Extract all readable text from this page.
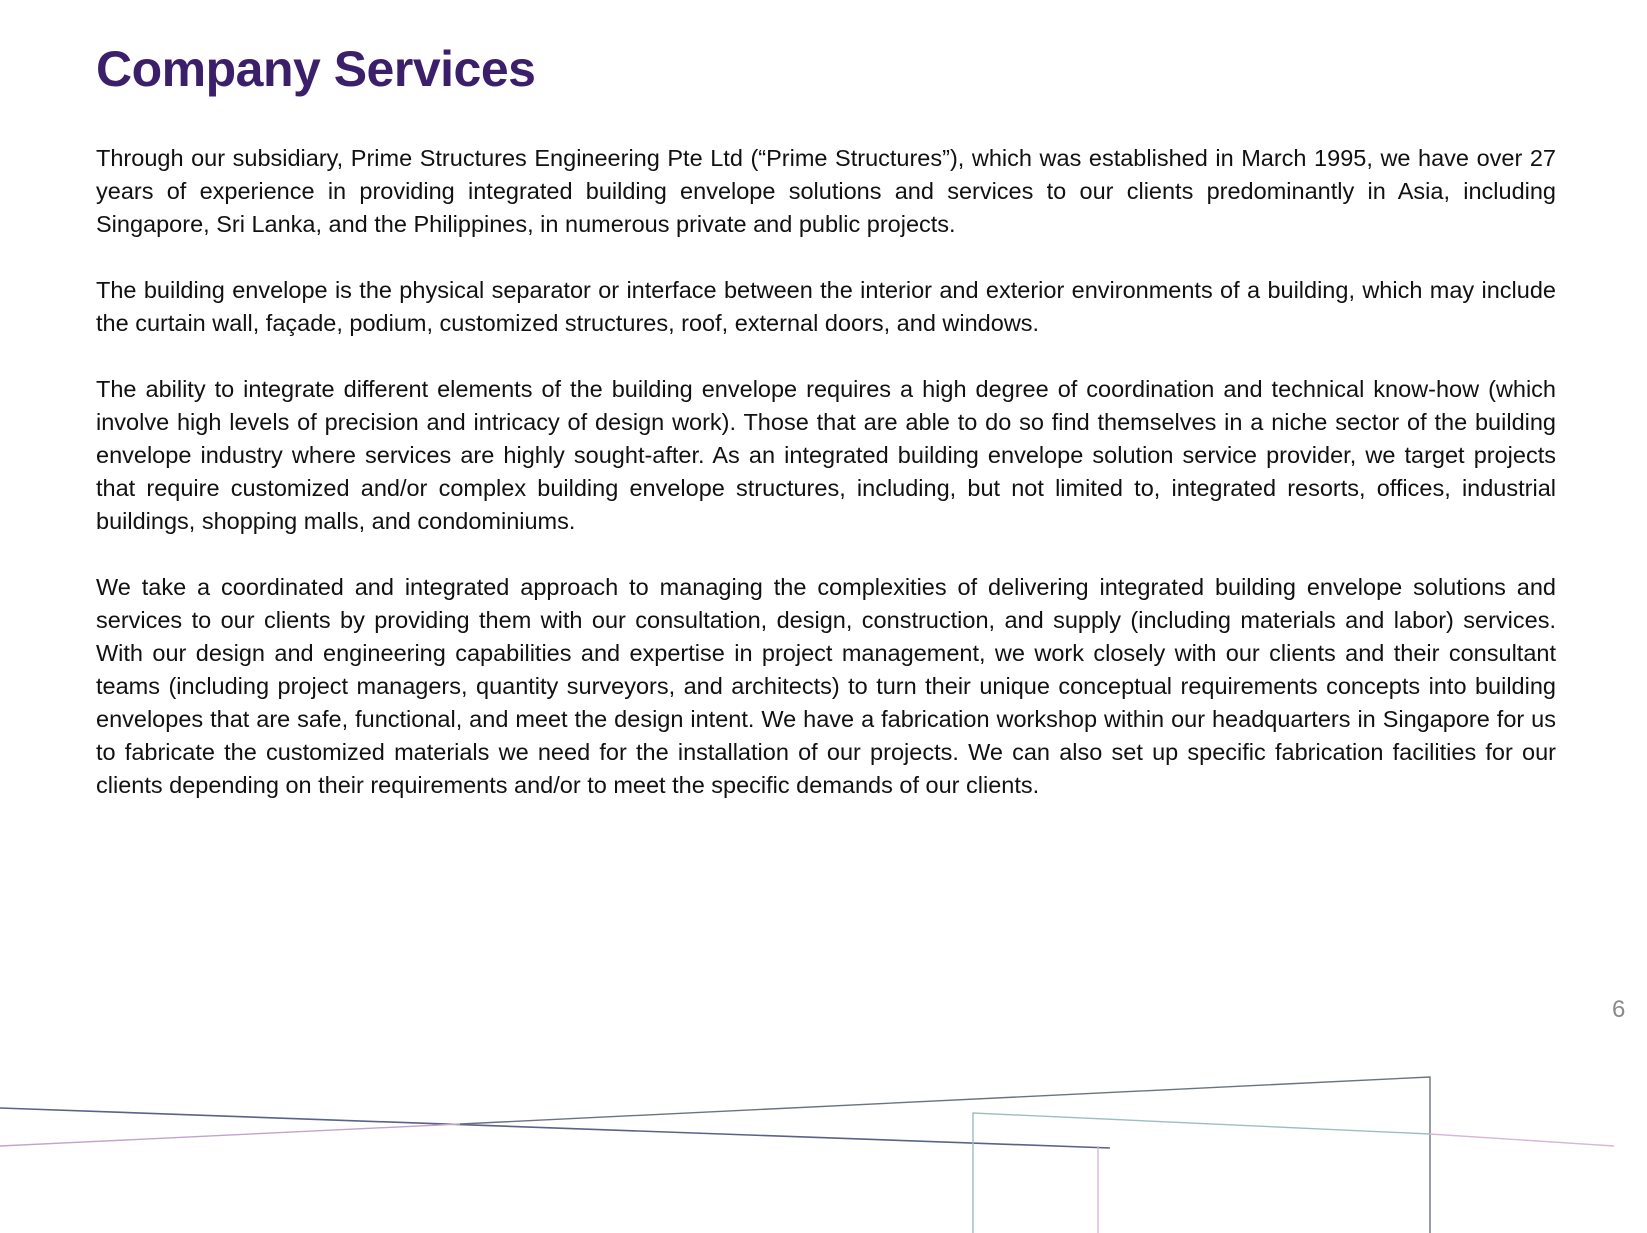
Company Services

Through our subsidiary, Prime Structures Engineering Pte Ltd (“Prime Structures”), which was established in March 1995, we have over 27 years of experience in providing integrated building envelope solutions and services to our clients predominantly in Asia, including Singapore, Sri Lanka, and the Philippines, in numerous private and public projects.

The building envelope is the physical separator or interface between the interior and exterior environments of a building, which may include the curtain wall, façade, podium, customized structures, roof, external doors, and windows.

The ability to integrate different elements of the building envelope requires a high degree of coordination and technical know-how (which involve high levels of precision and intricacy of design work). Those that are able to do so find themselves in a niche sector of the building envelope industry where services are highly sought-after. As an integrated building envelope solution service provider, we target projects that require customized and/or complex building envelope structures, including, but not limited to, integrated resorts, offices, industrial buildings, shopping malls, and condominiums.

We take a coordinated and integrated approach to managing the complexities of delivering integrated building envelope solutions and services to our clients by providing them with our consultation, design, construction, and supply (including materials and labor) services. With our design and engineering capabilities and expertise in project management, we work closely with our clients and their consultant teams (including project managers, quantity surveyors, and architects) to turn their unique conceptual requirements concepts into building envelopes that are safe, functional, and meet the design intent. We have a fabrication workshop within our headquarters in Singapore for us to fabricate the customized materials we need for the installation of our projects. We can also set up specific fabrication facilities for our clients depending on their requirements and/or to meet the specific demands of our clients.

6
